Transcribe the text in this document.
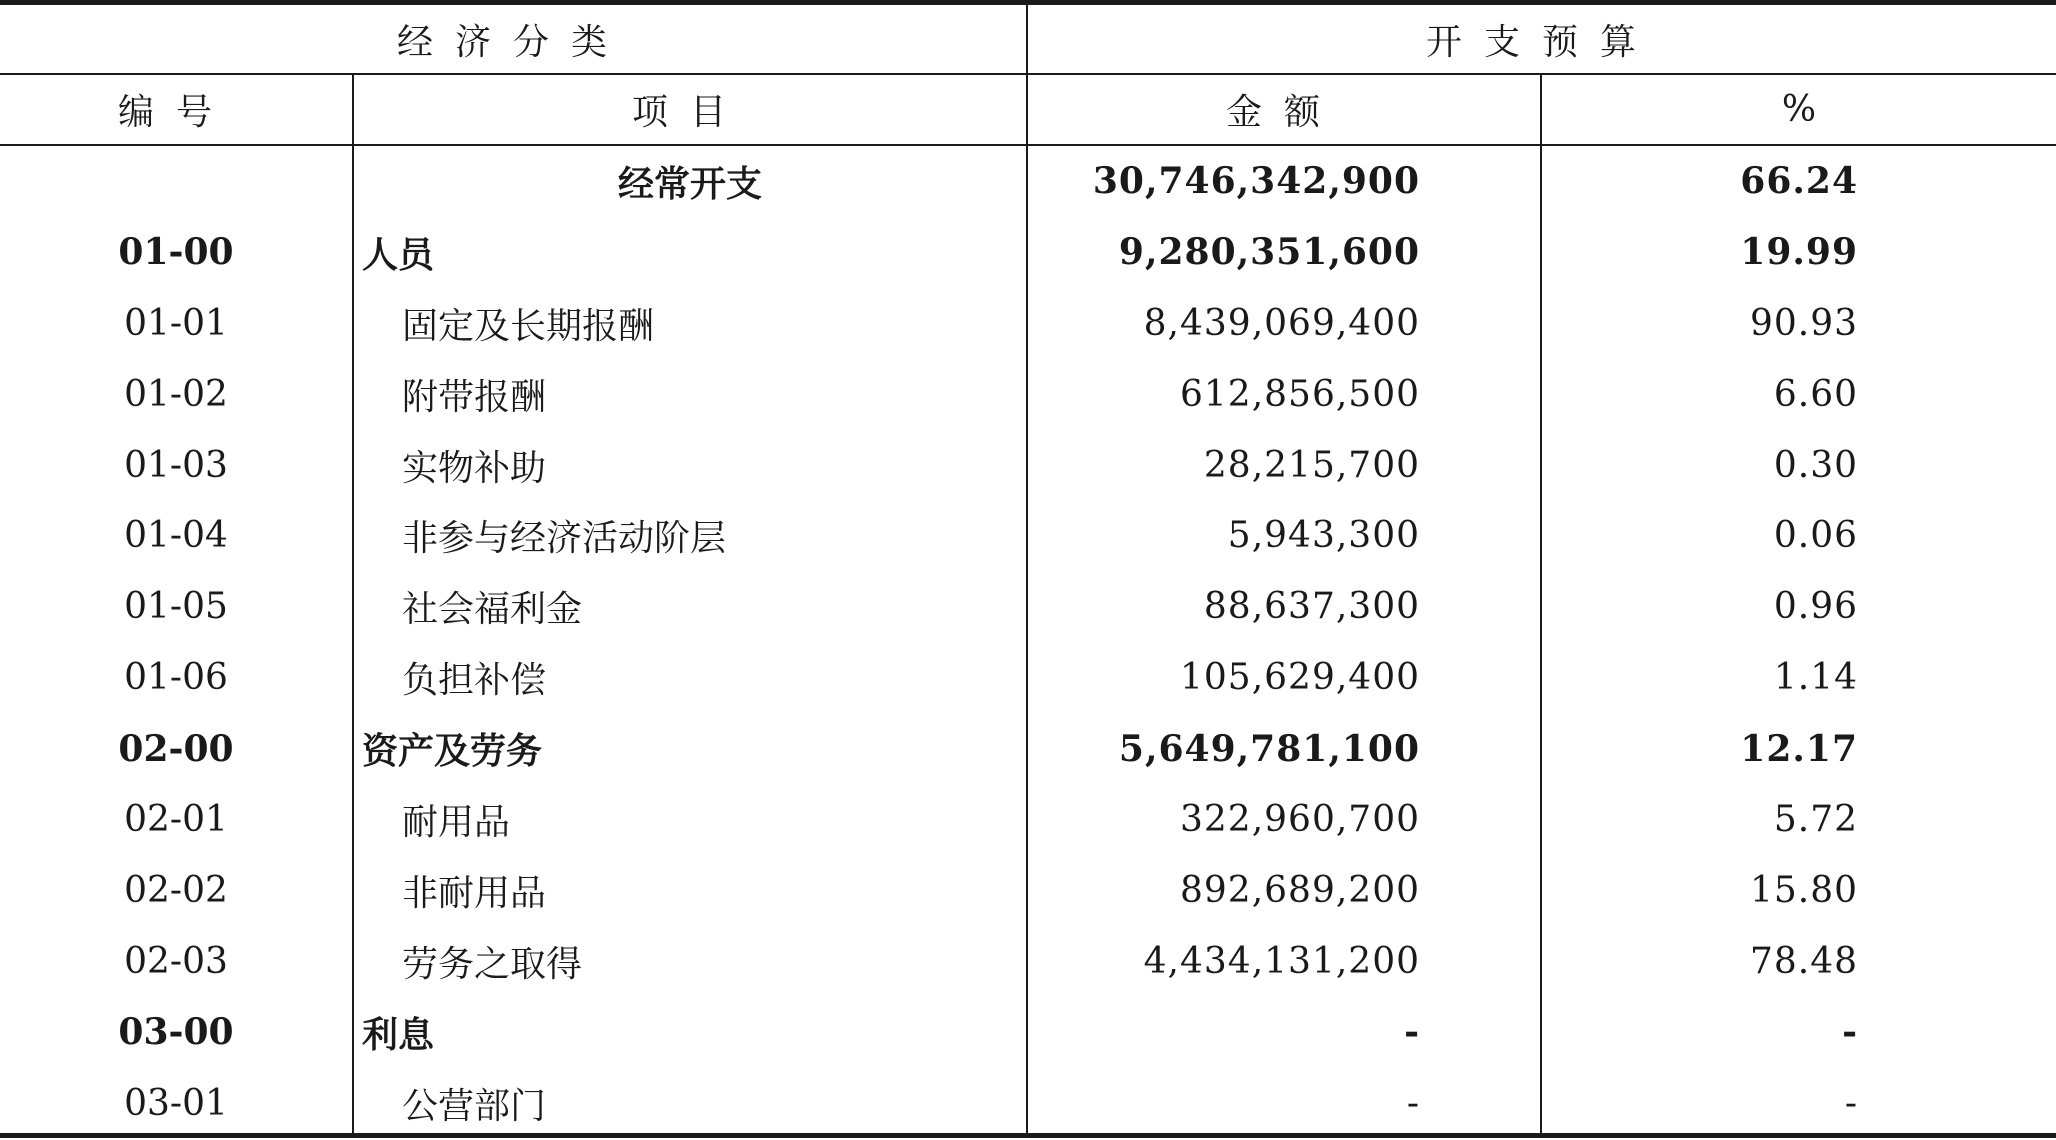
经济分类		开支预算	
编号	项目	金额	%
	经常开支	30,746,342,900	66.24
01-00	人员	9,280,351,600	19.99
01-01	固定及长期报酬	8,439,069,400	90.93
01-02	附带报酬	612,856,500	6.60
01-03	实物补助	28,215,700	0.30
01-04	非参与经济活动阶层	5,943,300	0.06
01-05	社会福利金	88,637,300	0.96
01-06	负担补偿	105,629,400	1.14
02-00	资产及劳务	5,649,781,100	12.17
02-01	耐用品	322,960,700	5.72
02-02	非耐用品	892,689,200	15.80
02-03	劳务之取得	4,434,131,200	78.48
03-00	利息	-	-
03-01	公营部门	-	-
